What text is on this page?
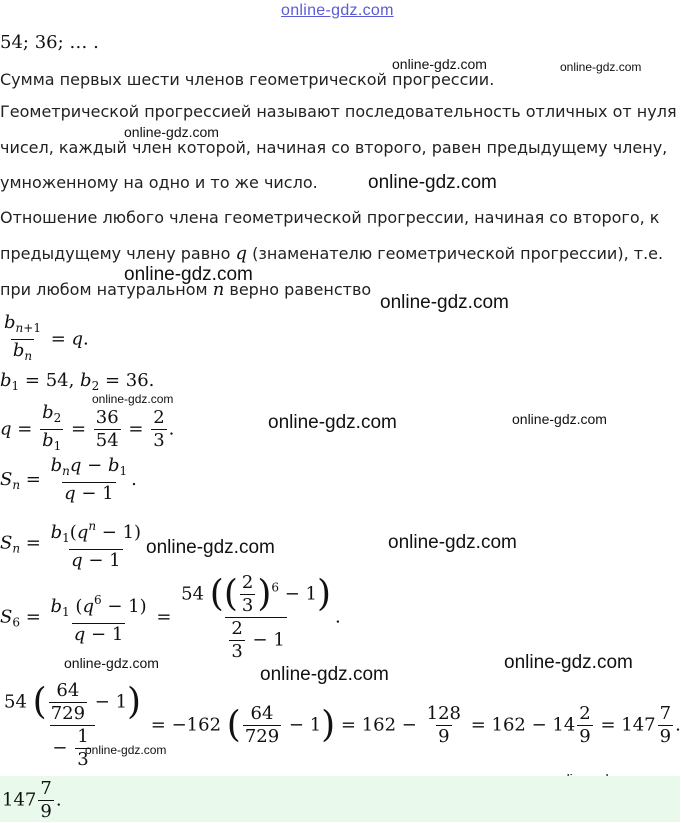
online-gdz.com
online-gdz.com	online-gdz.com
online-gdz.com
online-gdz.com
online-gdz.com
online-gdz.com
online-gdz.com
online-gdz.com	online-gdz.com
online-gdz.com	online-gdz.com
online-gdz.com
online-gdz.com
online-gdz.com
online-gdz.com
54; 36; … .
Сумма первых шести членов геометрической прогрессии.
Геометрической прогрессией называют последовательность отличных от нуля
чисел, каждый член которой, начиная со второго, равен предыдущему члену,
умноженному на одно и то же число.
Отношение любого члена геометрической прогрессии, начиная со второго, к
предыдущему члену равно q (знаменателю геометрической прогрессии), т.е.
при любом натуральном n верно равенство
$\frac{b_{n+1}}{b_n} = q$.
$b_1 = 54$, $b_2 = 36$.
$q = \frac{b_2}{b_1} = \frac{36}{54} = \frac{2}{3}$ .
$S_n = \frac{b_nq - b_1}{q - 1}$ .
$S_n = \frac{b_1(q^n - 1)}{q - 1}$
$S_6 = \frac{b_1 (q^6 - 1)}{q - 1} = \frac{54 (( \frac{2}{3} )^6 - 1)}{\frac{2}{3} - 1}$ .
$\frac{54 ( \frac{64}{729} - 1)}{- \frac{1}{3}} = -162$ ( $\frac{64}{729} - 1) = 162 - \frac{128}{9} = 162 - 14 \frac{2}{9} = 147 \frac{7}{9}$ .
$147 \frac{7}{9}$ .
